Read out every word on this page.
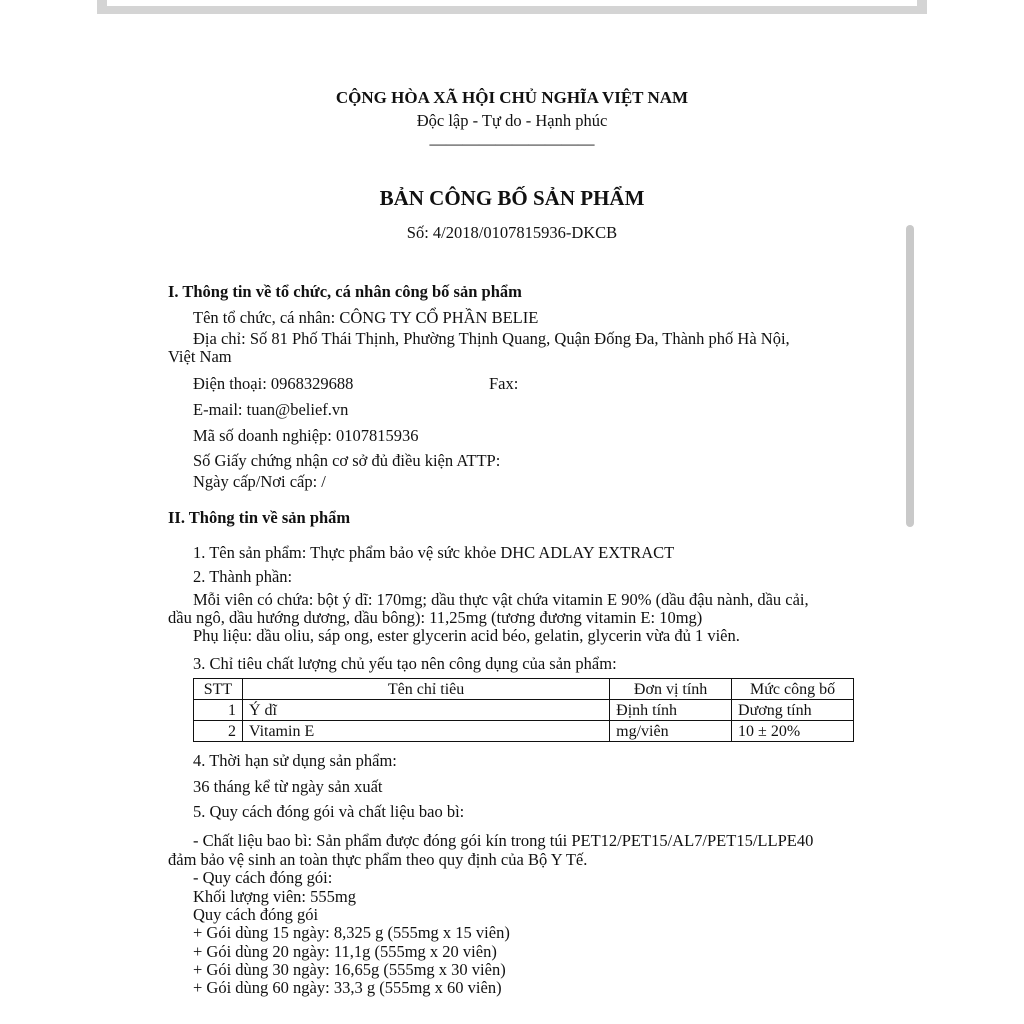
CỘNG HÒA XÃ HỘI CHỦ NGHĨA VIỆT NAM
Độc lập - Tự do - Hạnh phúc
——————————
BẢN CÔNG BỐ SẢN PHẨM
Số: 4/2018/0107815936-DKCB
I. Thông tin về tổ chức, cá nhân công bố sản phẩm
Tên tổ chức, cá nhân: CÔNG TY CỔ PHẦN BELIE
Địa chỉ: Số 81 Phố Thái Thịnh, Phường Thịnh Quang, Quận Đống Đa, Thành phố Hà Nội,
Việt Nam
Điện thoại: 0968329688	Fax:
E-mail: tuan@belief.vn
Mã số doanh nghiệp: 0107815936
Số Giấy chứng nhận cơ sở đủ điều kiện ATTP:
Ngày cấp/Nơi cấp: /
II. Thông tin về sản phẩm
1. Tên sản phẩm: Thực phẩm bảo vệ sức khỏe DHC ADLAY EXTRACT
2. Thành phần:
Mỗi viên có chứa: bột ý dĩ: 170mg; dầu thực vật chứa vitamin E 90% (dầu đậu nành, dầu cải,
dầu ngô, dầu hướng dương, dầu bông): 11,25mg (tương đương vitamin E: 10mg)
Phụ liệu: dầu oliu, sáp ong, ester glycerin acid béo, gelatin, glycerin vừa đủ 1 viên.
3. Chỉ tiêu chất lượng chủ yếu tạo nên công dụng của sản phẩm:
STT	Tên chỉ tiêu	Đơn vị tính	Mức công bố
1	Ý dĩ	Định tính	Dương tính
2	Vitamin E	mg/viên	10 ± 20%
4. Thời hạn sử dụng sản phẩm:
36 tháng kể từ ngày sản xuất
5. Quy cách đóng gói và chất liệu bao bì:
- Chất liệu bao bì: Sản phẩm được đóng gói kín trong túi PET12/PET15/AL7/PET15/LLPE40
đảm bảo vệ sinh an toàn thực phẩm theo quy định của Bộ Y Tế.
- Quy cách đóng gói:
Khối lượng viên: 555mg
Quy cách đóng gói
+ Gói dùng 15 ngày: 8,325 g (555mg x 15 viên)
+ Gói dùng 20 ngày: 11,1g (555mg x 20 viên)
+ Gói dùng 30 ngày: 16,65g (555mg x 30 viên)
+ Gói dùng 60 ngày: 33,3 g (555mg x 60 viên)
